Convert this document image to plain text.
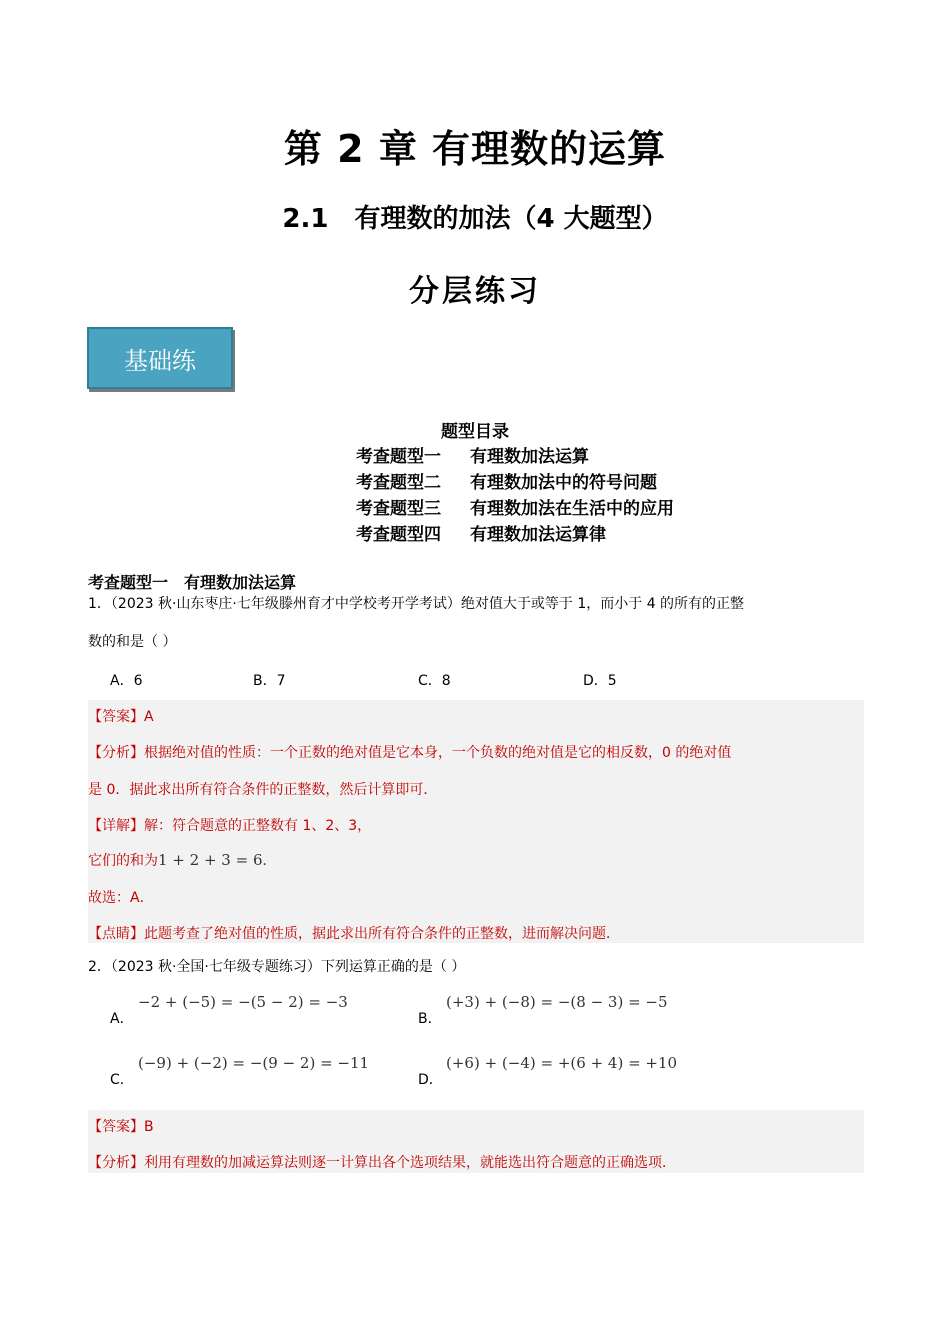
第 2 章 有理数的运算
2.1 有理数的加法（4 大题型）
分层练习
基础练
题型目录
考查题型一 有理数加法运算
考查题型二 有理数加法中的符号问题
考查题型三 有理数加法在生活中的应用
考查题型四 有理数加法运算律
考查题型一 有理数加法运算
1．（2023 秋·山东枣庄·七年级滕州育才中学校考开学考试）绝对值大于或等于 1，而小于 4 的所有的正整
数的和是（ ）
A．6	B．7	C．8	D．5
【答案】A
【分析】根据绝对值的性质：一个正数的绝对值是它本身，一个负数的绝对值是它的相反数，0 的绝对值
是 0．据此求出所有符合条件的正整数，然后计算即可．
【详解】解：符合题意的正整数有 1、2、3，
它们的和为1 + 2 + 3 = 6．
故选：A．
【点睛】此题考查了绝对值的性质，据此求出所有符合条件的正整数，进而解决问题．
2．（2023 秋·全国·七年级专题练习）下列运算正确的是（ ）
A．
−2 + (−5) = −(5 − 2) = −3
B．
(+3) + (−8) = −(8 − 3) = −5
C．
(−9) + (−2) = −(9 − 2) = −11
D．
(+6) + (−4) = +(6 + 4) = +10
【答案】B
【分析】利用有理数的加减运算法则逐一计算出各个选项结果，就能选出符合题意的正确选项．
